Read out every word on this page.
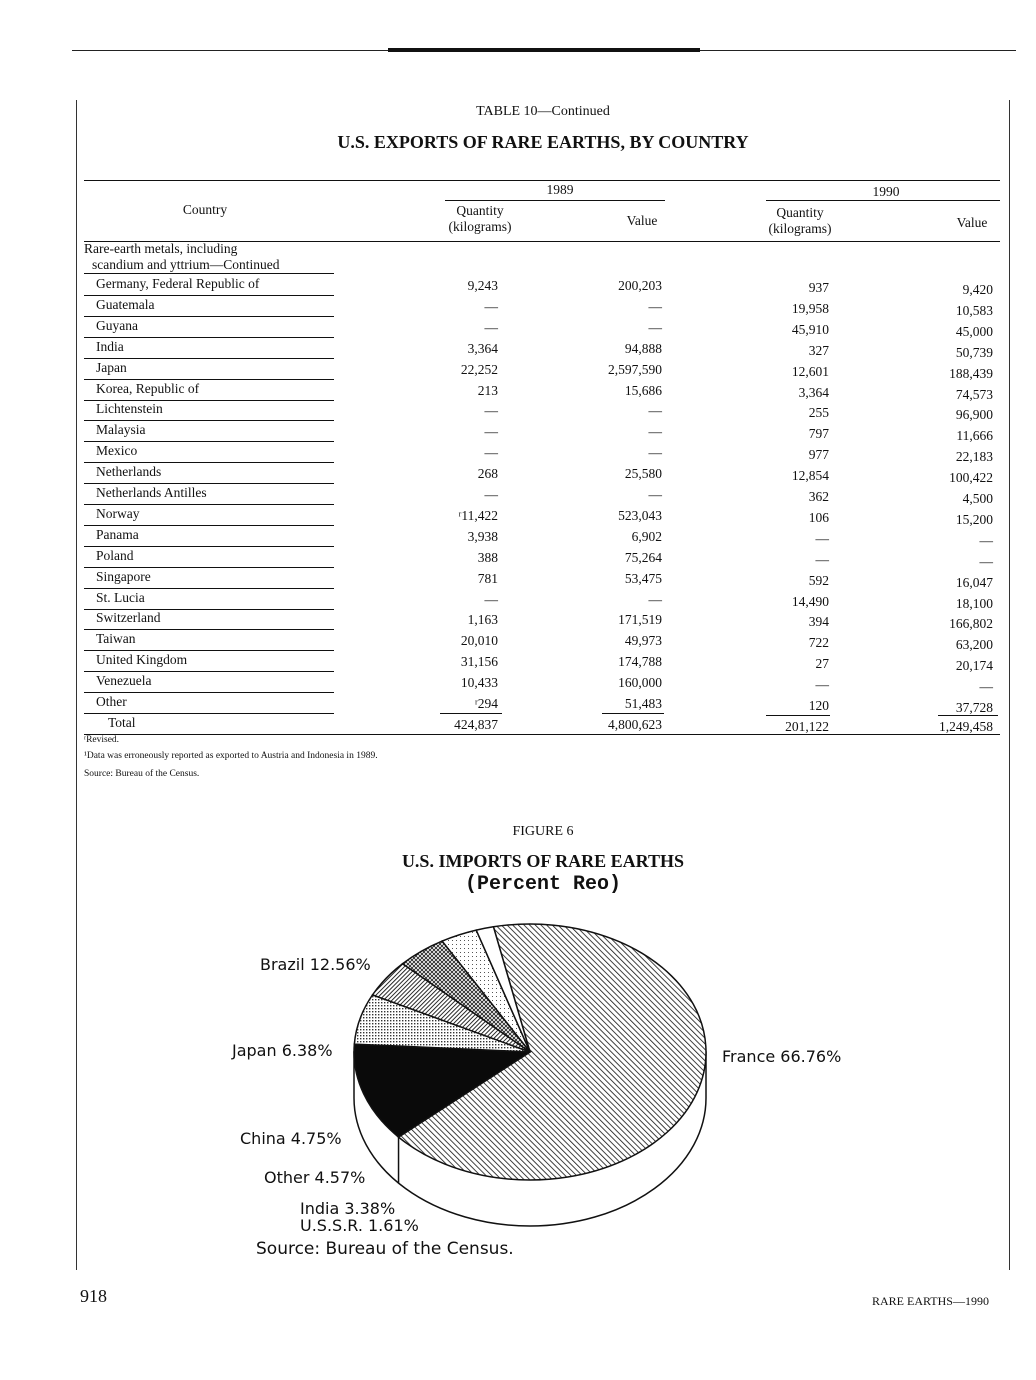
TABLE 10—Continued
U.S. EXPORTS OF RARE EARTHS, BY COUNTRY
Country
1989	1990
Quantity
(kilograms)	Value
Quantity
(kilograms)	Value
Rare-earth metals, including
scandium and yttrium—Continued
Germany, Federal Republic of	9,243	200,203	937	9,420
Guatemala	—	—	19,958	10,583
Guyana	—	—	45,910	45,000
India	3,364	94,888	327	50,739
Japan	22,252	2,597,590	12,601	188,439
Korea, Republic of	213	15,686	3,364	74,573
Lichtenstein	—	—	255	96,900
Malaysia	—	—	797	11,666
Mexico	—	—	977	22,183
Netherlands	268	25,580	12,854	100,422
Netherlands Antilles	—	—	362	4,500
Norway	ʳ11,422	523,043	106	15,200
Panama	3,938	6,902	—	—
Poland	388	75,264	—	—
Singapore	781	53,475	592	16,047
St. Lucia	—	—	14,490	18,100
Switzerland	1,163	171,519	394	166,802
Taiwan	20,010	49,973	722	63,200
United Kingdom	31,156	174,788	27	20,174
Venezuela	10,433	160,000	—	—
Other	ʳ294	51,483	120	37,728
Total	424,837	4,800,623	201,122	1,249,458
ʳRevised.
¹Data was erroneously reported as exported to Austria and Indonesia in 1989.
Source: Bureau of the Census.
FIGURE 6
U.S. IMPORTS OF RARE EARTHS
(Percent Reo)
France 66.76%
Brazil 12.56%
Japan 6.38%
China 4.75%
Other 4.57%
India 3.38%
U.S.S.R. 1.61%
Source: Bureau of the Census.
918	RARE EARTHS—1990
